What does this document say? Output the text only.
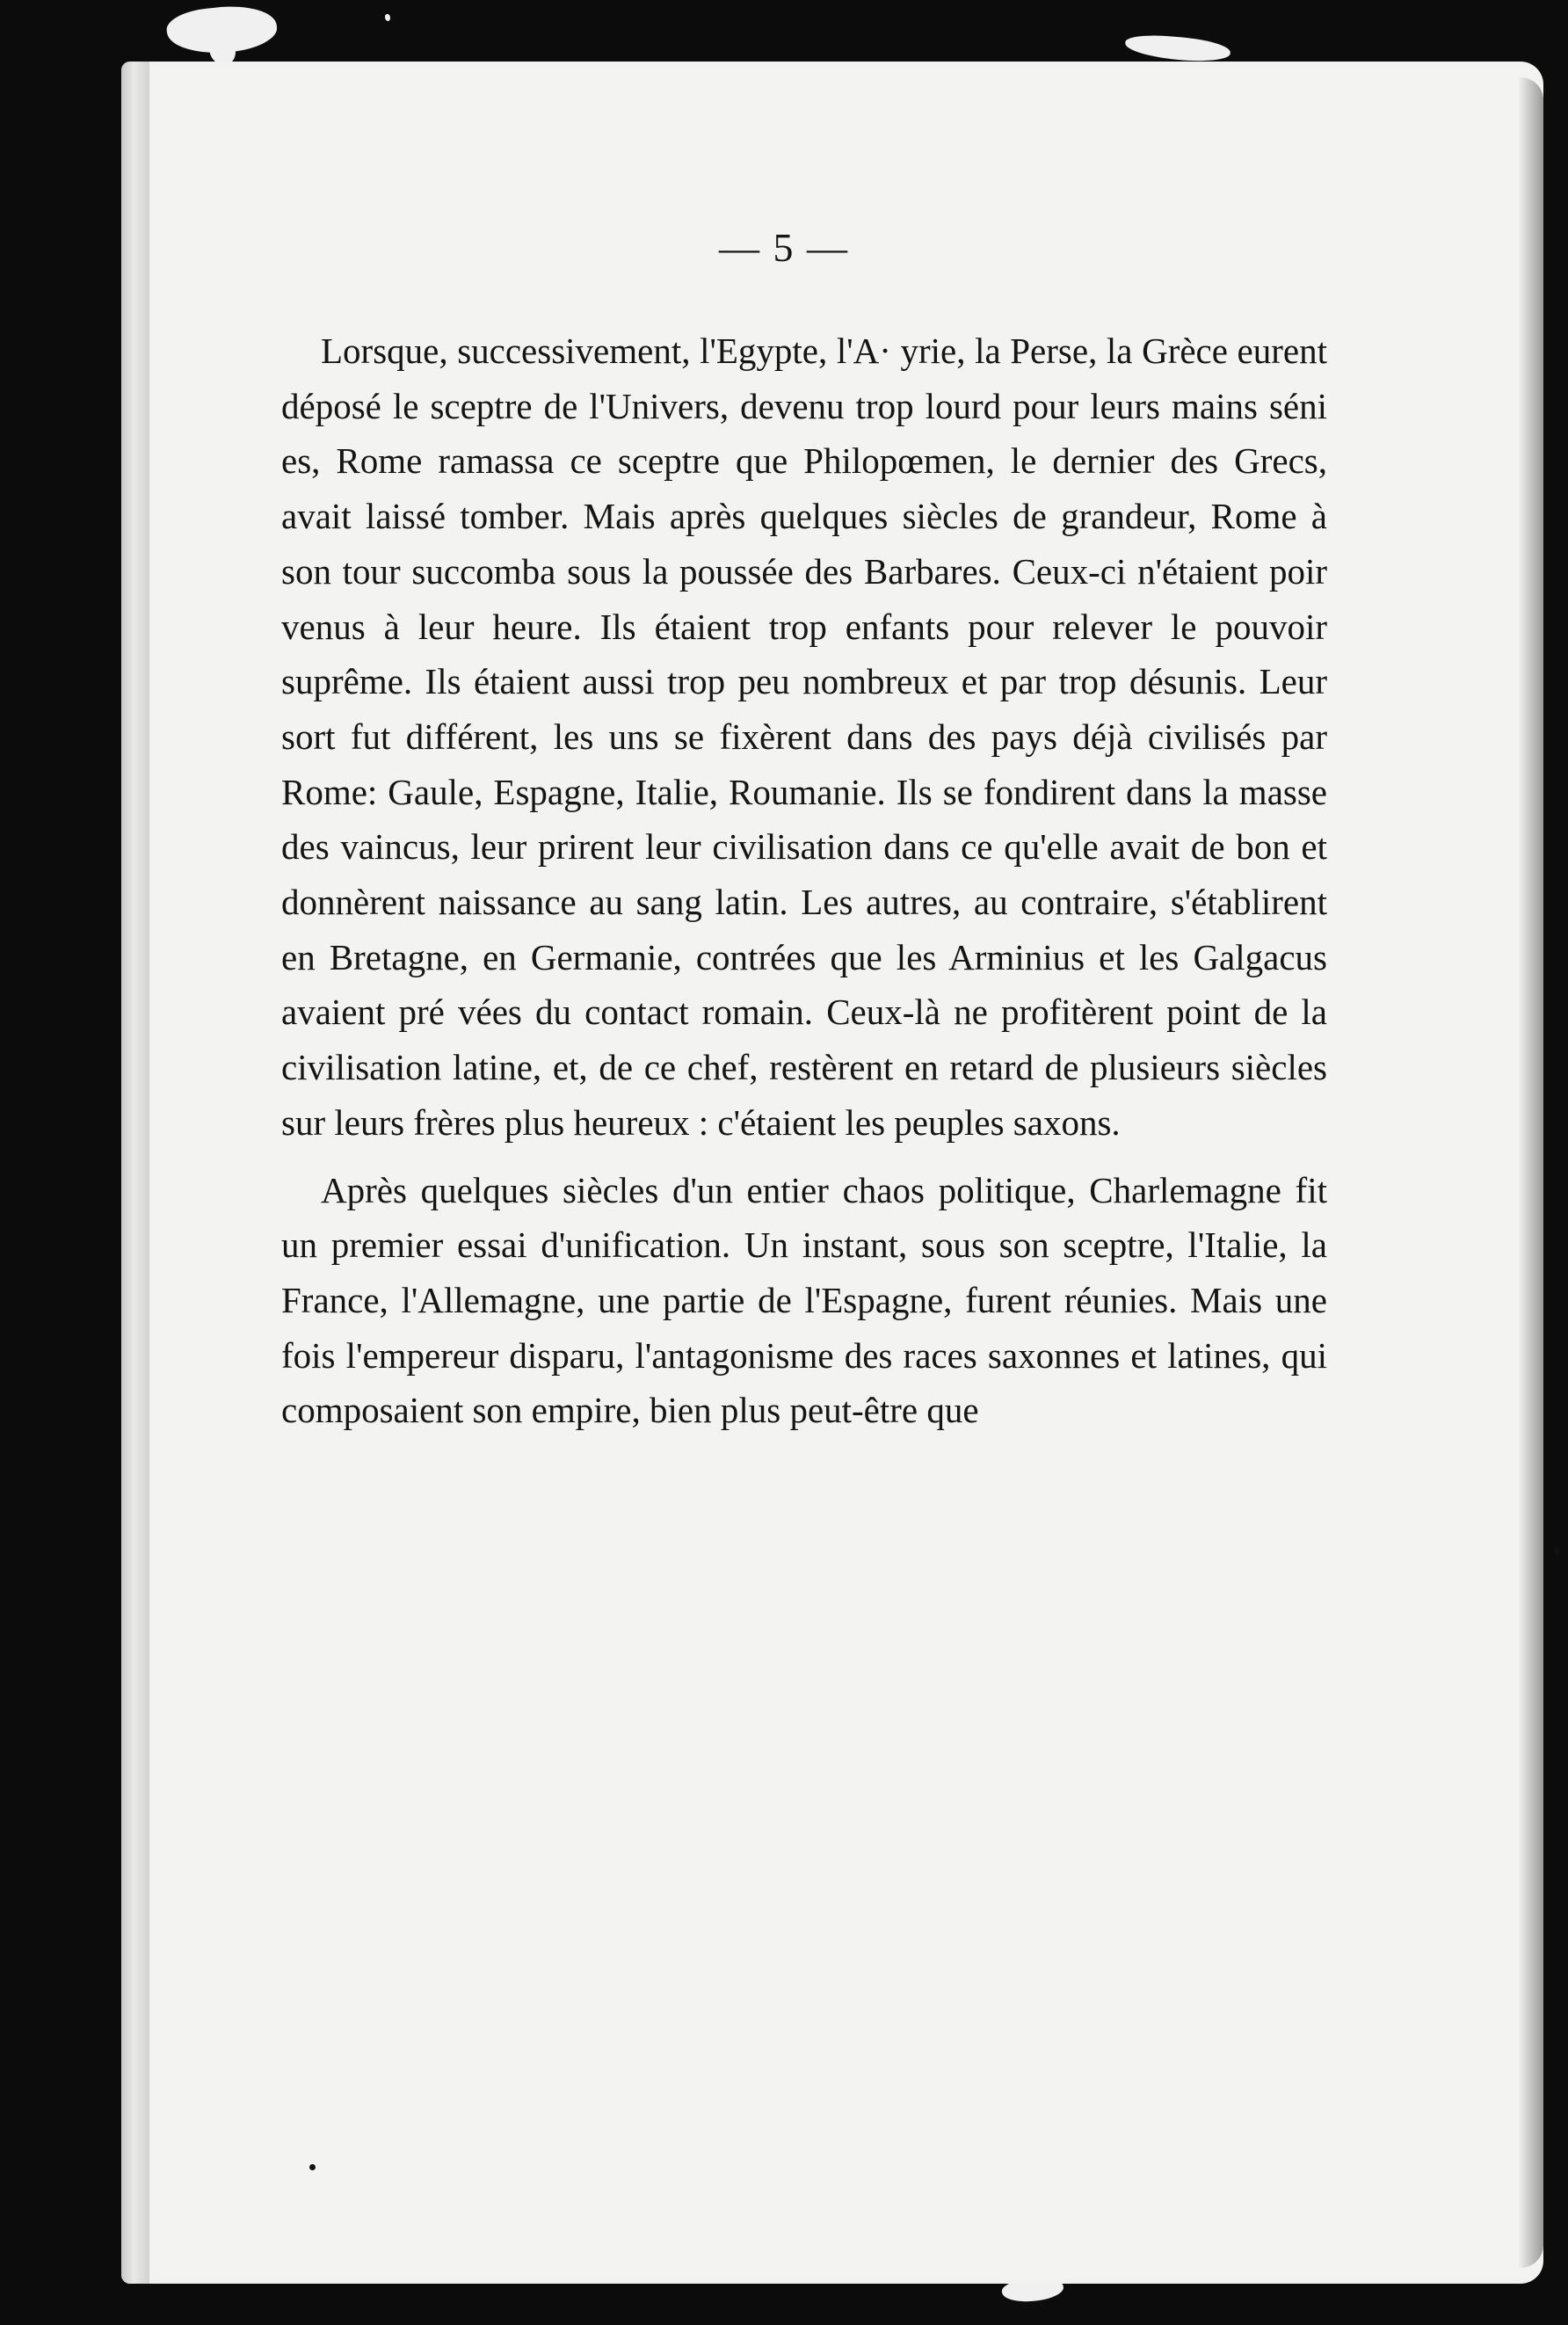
— 5 —

Lorsque, successivement, l'Egypte, l'A· yrie, la Perse, la Grèce eurent déposé le sceptre de l'Univers, devenu trop lourd pour leurs mains séni es, Rome ramassa ce sceptre que Philopœmen, le dernier des Grecs, avait laissé tomber. Mais après quelques siècles de grandeur, Rome à son tour succomba sous la poussée des Barbares. Ceux-ci n'étaient poir venus à leur heure. Ils étaient trop enfants pour relever le pouvoir suprême. Ils étaient aussi trop peu nombreux et par trop désunis. Leur sort fut différent, les uns se fixèrent dans des pays déjà civilisés par Rome: Gaule, Espagne, Italie, Roumanie. Ils se fondirent dans la masse des vaincus, leur prirent leur civilisation dans ce qu'elle avait de bon et donnèrent naissance au sang latin. Les autres, au contraire, s'établirent en Bretagne, en Germanie, contrées que les Arminius et les Galgacus avaient pré vées du contact romain. Ceux-là ne profitèrent point de la civilisation latine, et, de ce chef, restèrent en retard de plusieurs siècles sur leurs frères plus heureux : c'étaient les peuples saxons.

Après quelques siècles d'un entier chaos politique, Charlemagne fit un premier essai d'unification. Un instant, sous son sceptre, l'Italie, la France, l'Allemagne, une partie de l'Espagne, furent réunies. Mais une fois l'empereur disparu, l'antagonisme des races saxonnes et latines, qui composaient son empire, bien plus peut-être que
